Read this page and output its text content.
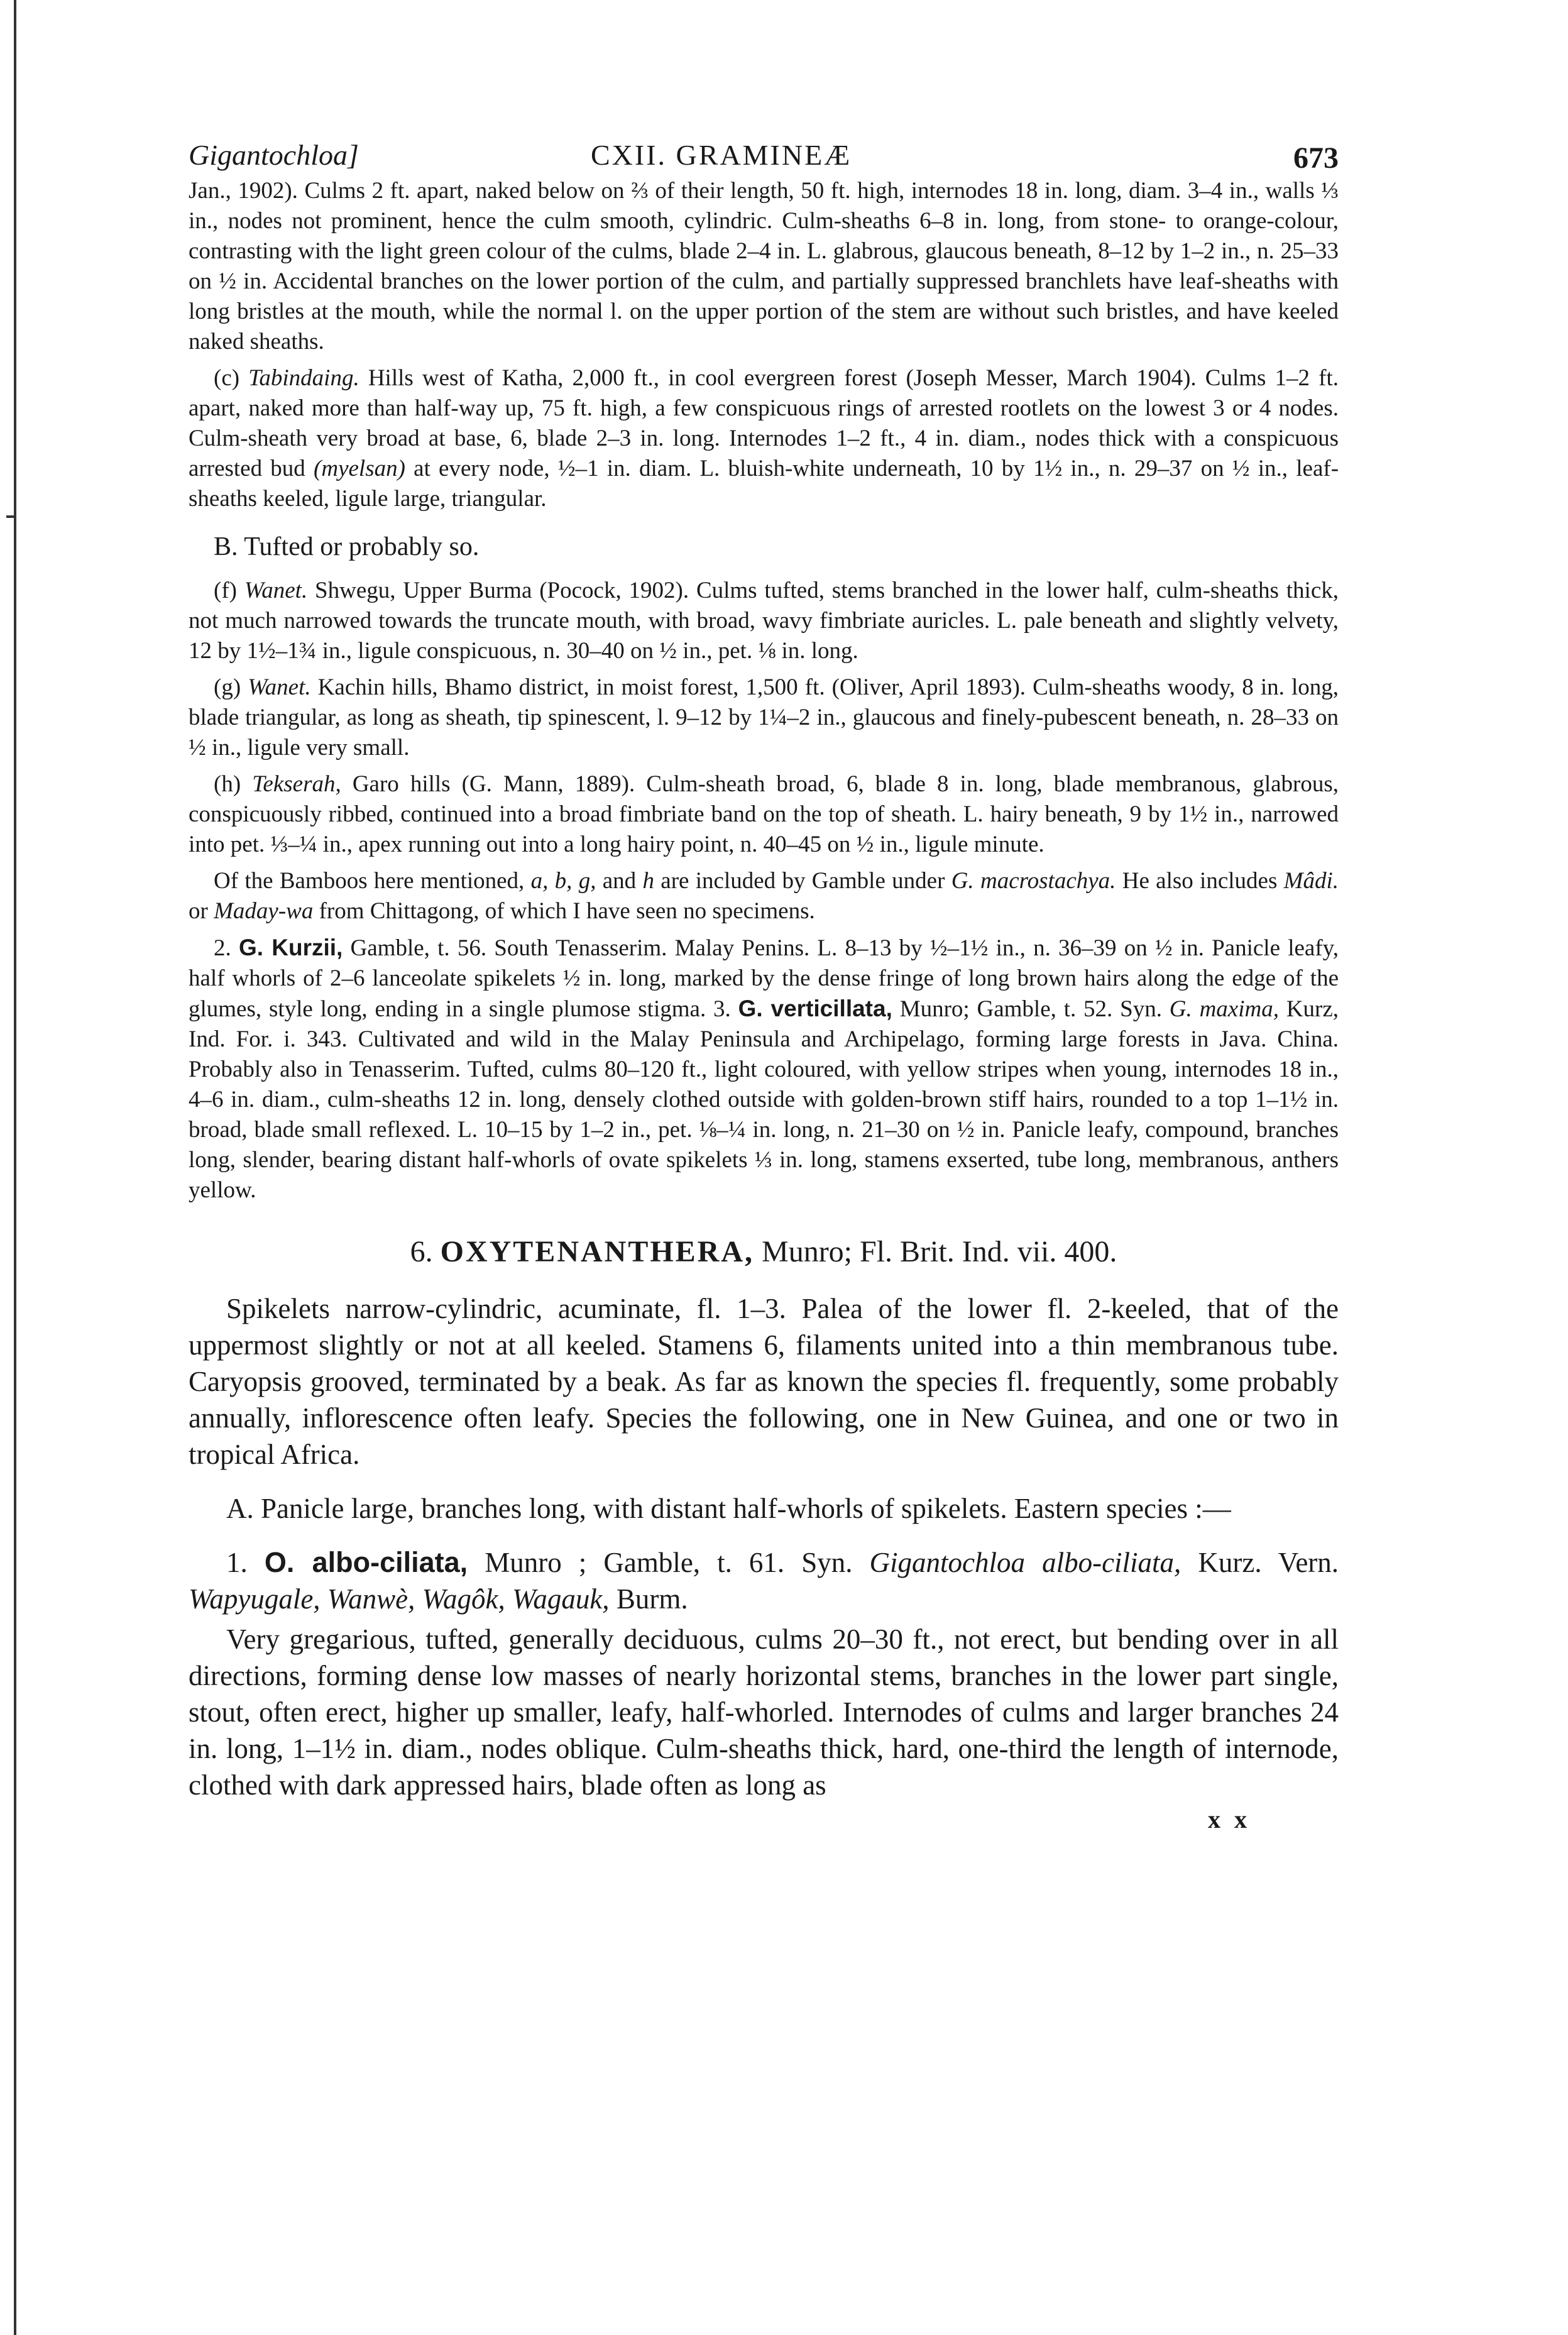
Gigantochloa]	CXII. GRAMINEÆ	673

Jan., 1902). Culms 2 ft. apart, naked below on ⅔ of their length, 50 ft. high, internodes 18 in. long, diam. 3–4 in., walls ⅓ in., nodes not prominent, hence the culm smooth, cylindric. Culm-sheaths 6–8 in. long, from stone- to orange-colour, contrasting with the light green colour of the culms, blade 2–4 in. L. glabrous, glaucous beneath, 8–12 by 1–2 in., n. 25–33 on ½ in. Accidental branches on the lower portion of the culm, and partially suppressed branchlets have leaf-sheaths with long bristles at the mouth, while the normal l. on the upper portion of the stem are without such bristles, and have keeled naked sheaths.

(c) Tabindaing. Hills west of Katha, 2,000 ft., in cool evergreen forest (Joseph Messer, March 1904). Culms 1–2 ft. apart, naked more than half-way up, 75 ft. high, a few conspicuous rings of arrested rootlets on the lowest 3 or 4 nodes. Culm-sheath very broad at base, 6, blade 2–3 in. long. Internodes 1–2 ft., 4 in. diam., nodes thick with a conspicuous arrested bud (myelsan) at every node, ½–1 in. diam. L. bluish-white underneath, 10 by 1½ in., n. 29–37 on ½ in., leaf-sheaths keeled, ligule large, triangular.

B. Tufted or probably so.

(f) Wanet. Shwegu, Upper Burma (Pocock, 1902). Culms tufted, stems branched in the lower half, culm-sheaths thick, not much narrowed towards the truncate mouth, with broad, wavy fimbriate auricles. L. pale beneath and slightly velvety, 12 by 1½–1¾ in., ligule conspicuous, n. 30–40 on ½ in., pet. ⅛ in. long.

(g) Wanet. Kachin hills, Bhamo district, in moist forest, 1,500 ft. (Oliver, April 1893). Culm-sheaths woody, 8 in. long, blade triangular, as long as sheath, tip spinescent, l. 9–12 by 1¼–2 in., glaucous and finely-pubescent beneath, n. 28–33 on ½ in., ligule very small.

(h) Tekserah, Garo hills (G. Mann, 1889). Culm-sheath broad, 6, blade 8 in. long, blade membranous, glabrous, conspicuously ribbed, continued into a broad fimbriate band on the top of sheath. L. hairy beneath, 9 by 1½ in., narrowed into pet. ⅓–¼ in., apex running out into a long hairy point, n. 40–45 on ½ in., ligule minute.

Of the Bamboos here mentioned, a, b, g, and h are included by Gamble under G. macrostachya. He also includes Mâdi. or Maday-wa from Chittagong, of which I have seen no specimens.

2. G. Kurzii, Gamble, t. 56. South Tenasserim. Malay Penins. L. 8–13 by ½–1½ in., n. 36–39 on ½ in. Panicle leafy, half whorls of 2–6 lanceolate spikelets ½ in. long, marked by the dense fringe of long brown hairs along the edge of the glumes, style long, ending in a single plumose stigma. 3. G. verticillata, Munro; Gamble, t. 52. Syn. G. maxima, Kurz, Ind. For. i. 343. Cultivated and wild in the Malay Peninsula and Archipelago, forming large forests in Java. China. Probably also in Tenasserim. Tufted, culms 80–120 ft., light coloured, with yellow stripes when young, internodes 18 in., 4–6 in. diam., culm-sheaths 12 in. long, densely clothed outside with golden-brown stiff hairs, rounded to a top 1–1½ in. broad, blade small reflexed. L. 10–15 by 1–2 in., pet. ⅛–¼ in. long, n. 21–30 on ½ in. Panicle leafy, compound, branches long, slender, bearing distant half-whorls of ovate spikelets ⅓ in. long, stamens exserted, tube long, membranous, anthers yellow.

6. OXYTENANTHERA, Munro; Fl. Brit. Ind. vii. 400.

Spikelets narrow-cylindric, acuminate, fl. 1–3. Palea of the lower fl. 2-keeled, that of the uppermost slightly or not at all keeled. Stamens 6, filaments united into a thin membranous tube. Caryopsis grooved, terminated by a beak. As far as known the species fl. frequently, some probably annually, inflorescence often leafy. Species the following, one in New Guinea, and one or two in tropical Africa.

A. Panicle large, branches long, with distant half-whorls of spikelets. Eastern species :—

1. O. albo-ciliata, Munro ; Gamble, t. 61. Syn. Gigantochloa albo-ciliata, Kurz. Vern. Wapyugale, Wanwè, Wagôk, Wagauk, Burm.

Very gregarious, tufted, generally deciduous, culms 20–30 ft., not erect, but bending over in all directions, forming dense low masses of nearly horizontal stems, branches in the lower part single, stout, often erect, higher up smaller, leafy, half-whorled. Internodes of culms and larger branches 24 in. long, 1–1½ in. diam., nodes oblique. Culm-sheaths thick, hard, one-third the length of internode, clothed with dark appressed hairs, blade often as long as

x x
